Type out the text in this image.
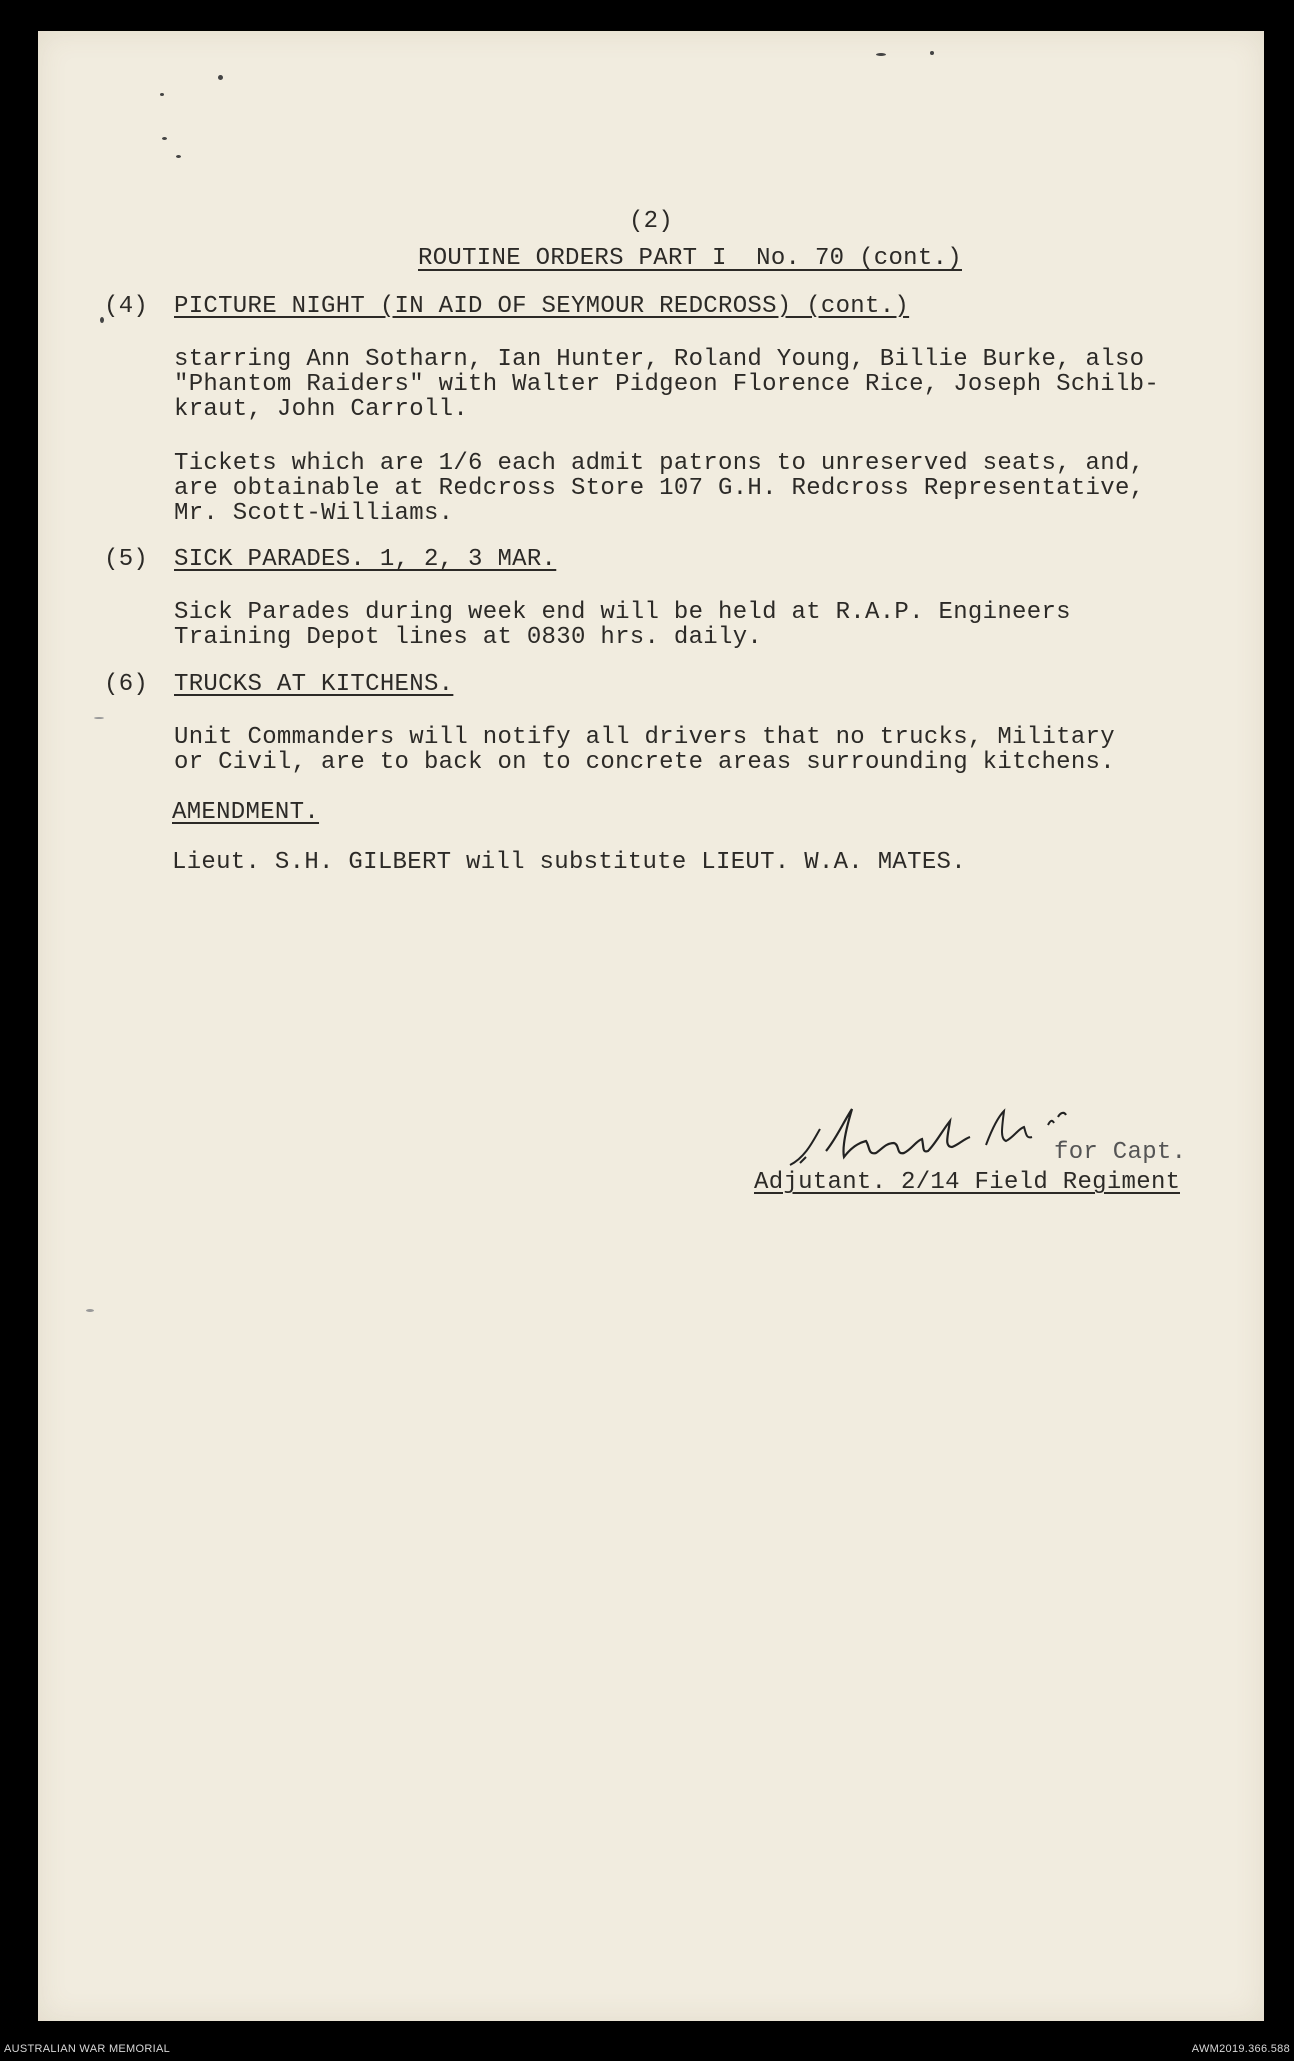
(2)
ROUTINE ORDERS PART I  No. 70 (cont.)
(4) PICTURE NIGHT (IN AID OF SEYMOUR REDCROSS) (cont.)
starring Ann Sotharn, Ian Hunter, Roland Young, Billie Burke, also
"Phantom Raiders" with Walter Pidgeon Florence Rice, Joseph Schilb-
kraut, John Carroll.
Tickets which are 1/6 each admit patrons to unreserved seats, and,
are obtainable at Redcross Store 107 G.H. Redcross Representative,
Mr. Scott-Williams.
(5) SICK PARADES. 1, 2, 3 MAR.
Sick Parades during week end will be held at R.A.P. Engineers
Training Depot lines at 0830 hrs. daily.
(6) TRUCKS AT KITCHENS.
Unit Commanders will notify all drivers that no trucks, Military
or Civil, are to back on to concrete areas surrounding kitchens.
AMENDMENT.
Lieut. S.H. GILBERT will substitute LIEUT. W.A. MATES.
for Capt.
Adjutant. 2/14 Field Regiment
AUSTRALIAN WAR MEMORIAL	AWM2019.366.588
